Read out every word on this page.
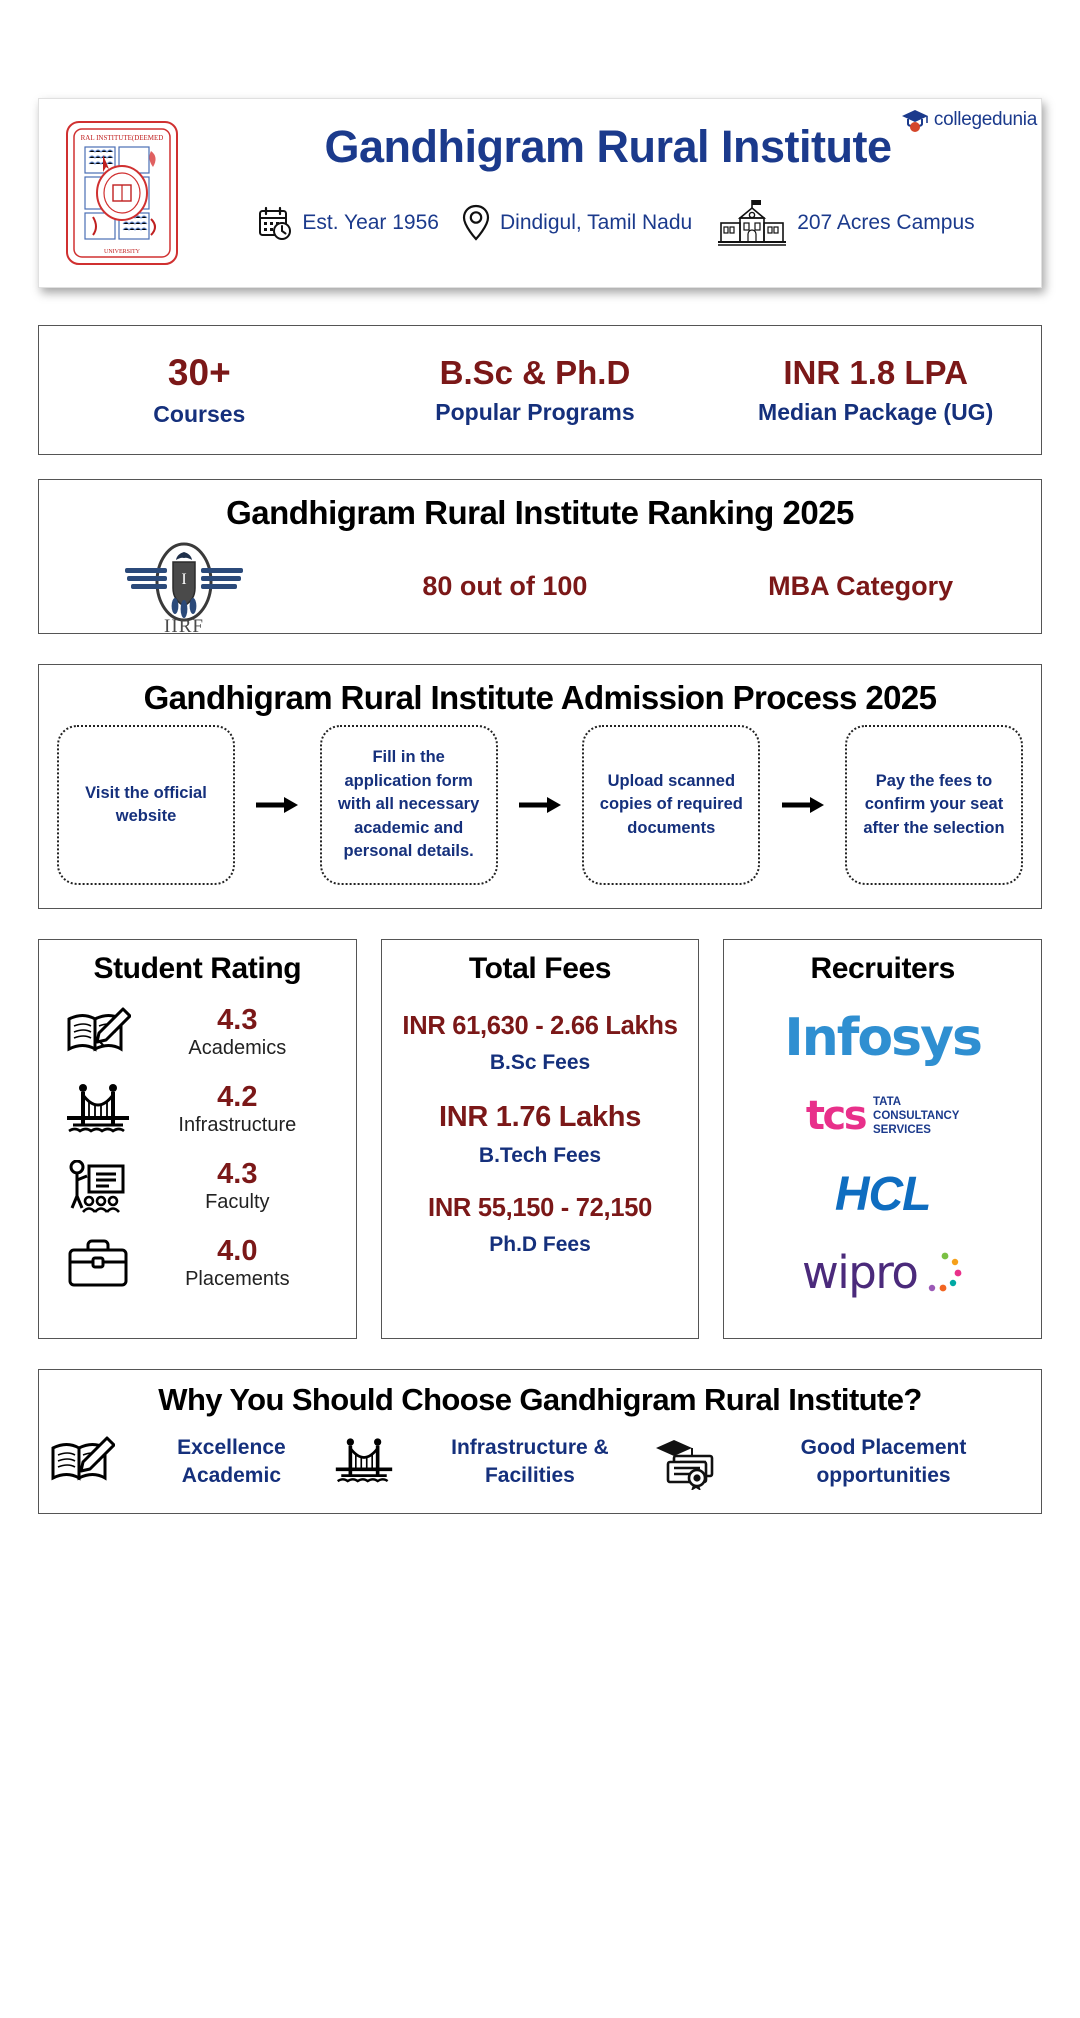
RAL INSTITUTE(DEEMED
UNIVERSITY
Gandhigram Rural Institute
Est. Year 1956	Dindigul, Tamil Nadu	207 Acres Campus
collegedunia
30+
Courses
B.Sc & Ph.D
Popular Programs
INR 1.8 LPA
Median Package (UG)
Gandhigram Rural Institute Ranking 2025
I
IIRF
80 out of 100	MBA Category
Gandhigram Rural Institute Admission Process 2025
Visit the official website
Fill in the application form with all necessary academic and personal details.
Upload scanned copies of required documents
Pay the fees to confirm your seat after the selection
Student Rating
4.3
Academics
4.2
Infrastructure
4.3
Faculty
4.0
Placements
Total Fees
INR 61,630 - 2.66 Lakhs
B.Sc Fees
INR 1.76 Lakhs
B.Tech Fees
INR 55,150 - 72,150
Ph.D Fees
Recruiters
Infosys
tcs TATA
CONSULTANCY
SERVICES
HCL
wipro
Why You Should Choose Gandhigram Rural Institute?
Excellence Academic
Infrastructure & Facilities
Good Placement opportunities
